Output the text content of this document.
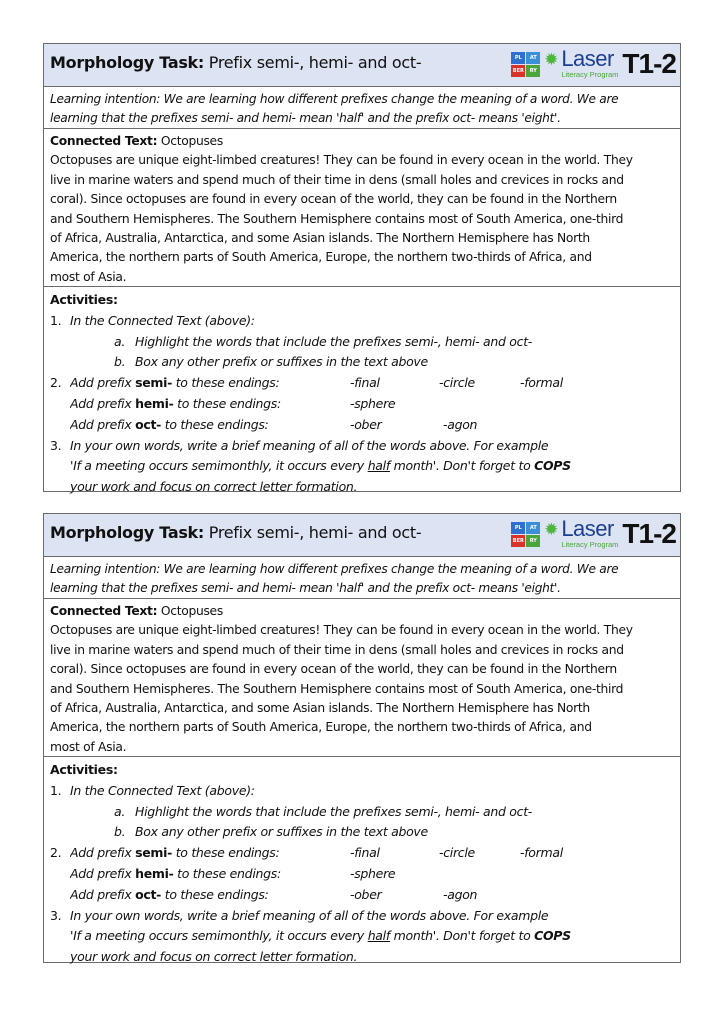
Morphology Task: Prefix semi-, hemi- and oct-	PL	AT
BER	RY
✹ Laser
Literacy Program T1-2
Learning intention: We are learning how different prefixes change the meaning of a word. We are
learning that the prefixes semi- and hemi- mean 'half' and the prefix oct- means 'eight'.
Connected Text: Octopuses
Octopuses are unique eight-limbed creatures! They can be found in every ocean in the world. They
live in marine waters and spend much of their time in dens (small holes and crevices in rocks and
coral). Since octopuses are found in every ocean of the world, they can be found in the Northern
and Southern Hemispheres. The Southern Hemisphere contains most of South America, one-third
of Africa, Australia, Antarctica, and some Asian islands. The Northern Hemisphere has North
America, the northern parts of South America, Europe, the northern two-thirds of Africa, and
most of Asia.
Activities:
1. In the Connected Text (above):
a. Highlight the words that include the prefixes semi-, hemi- and oct-
b. Box any other prefix or suffixes in the text above
2. Add prefix semi- to these endings:	-final	-circle	-formal
Add prefix hemi- to these endings:	-sphere
Add prefix oct- to these endings:	-ober	-agon
3. In your own words, write a brief meaning of all of the words above. For example
'If a meeting occurs semimonthly, it occurs every half month'. Don't forget to COPS
your work and focus on correct letter formation.
Morphology Task: Prefix semi-, hemi- and oct-	PL	AT
BER	RY
✹ Laser
Literacy Program T1-2
Learning intention: We are learning how different prefixes change the meaning of a word. We are
learning that the prefixes semi- and hemi- mean 'half' and the prefix oct- means 'eight'.
Connected Text: Octopuses
Octopuses are unique eight-limbed creatures! They can be found in every ocean in the world. They
live in marine waters and spend much of their time in dens (small holes and crevices in rocks and
coral). Since octopuses are found in every ocean of the world, they can be found in the Northern
and Southern Hemispheres. The Southern Hemisphere contains most of South America, one-third
of Africa, Australia, Antarctica, and some Asian islands. The Northern Hemisphere has North
America, the northern parts of South America, Europe, the northern two-thirds of Africa, and
most of Asia.
Activities:
1. In the Connected Text (above):
a. Highlight the words that include the prefixes semi-, hemi- and oct-
b. Box any other prefix or suffixes in the text above
2. Add prefix semi- to these endings:	-final	-circle	-formal
Add prefix hemi- to these endings:	-sphere
Add prefix oct- to these endings:	-ober	-agon
3. In your own words, write a brief meaning of all of the words above. For example
'If a meeting occurs semimonthly, it occurs every half month'. Don't forget to COPS
your work and focus on correct letter formation.
